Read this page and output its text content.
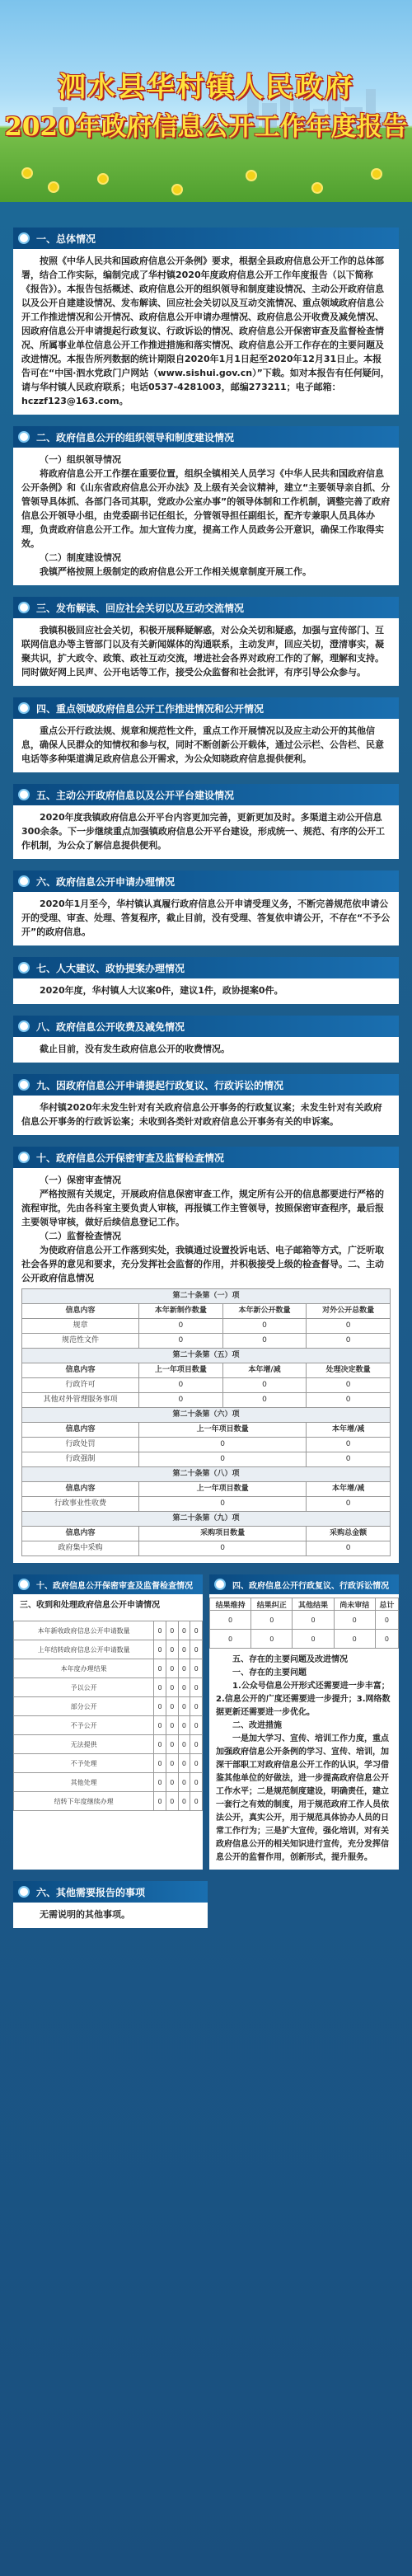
泗水县华村镇人民政府
2020年政府信息公开工作年度报告
一、总体情况

按照《中华人民共和国政府信息公开条例》要求，根据全县政府信息公开工作的总体部署，结合工作实际，编制完成了华村镇2020年度政府信息公开工作年度报告（以下简称《报告》）。本报告包括概述、政府信息公开的组织领导和制度建设情况、主动公开政府信息以及公开自建建设情况、发布解读、回应社会关切以及互动交流情况、重点领域政府信息公开工作推进情况和公开情况、政府信息公开申请办理情况、政府信息公开收费及减免情况、因政府信息公开申请提起行政复议、行政诉讼的情况、政府信息公开保密审查及监督检查情况、所属事业单位信息公开工作推进措施和落实情况、政府信息公开工作存在的主要问题及改进情况。本报告所列数据的统计期限自2020年1月1日起至2020年12月31日止。本报告可在“中国·泗水党政门户网站（www.sishui.gov.cn）”下载。如对本报告有任何疑问，请与华村镇人民政府联系；电话0537-4281003，邮编273211；电子邮箱：hczzf123@163.com。

二、政府信息公开的组织领导和制度建设情况

（一）组织领导情况

将政府信息公开工作摆在重要位置，组织全镇相关人员学习《中华人民共和国政府信息公开条例》和《山东省政府信息公开办法》及上级有关会议精神，建立“主要领导亲自抓、分管领导具体抓、各部门各司其职，党政办公室办事”的领导体制和工作机制，调整完善了政府信息公开领导小组，由党委副书记任组长，分管领导担任副组长，配齐专兼职人员具体办理，负责政府信息公开工作。加大宣传力度，提高工作人员政务公开意识，确保工作取得实效。

（二）制度建设情况

我镇严格按照上级制定的政府信息公开工作相关规章制度开展工作。

三、发布解读、回应社会关切以及互动交流情况

我镇积极回应社会关切，积极开展释疑解惑，对公众关切和疑惑，加强与宣传部门、互联网信息办等主管部门以及有关新闻媒体的沟通联系，主动发声，回应关切，澄清事实，凝聚共识，扩大政令、政策、政社互动交流，增进社会各界对政府工作的了解，理解和支持。同时做好网上民声、公开电话等工作，接受公众监督和社会批评，有序引导公众参与。

四、重点领域政府信息公开工作推进情况和公开情况

重点公开行政法规、规章和规范性文件，重点工作开展情况以及应主动公开的其他信息，确保人民群众的知情权和参与权，同时不断创新公开载体，通过公示栏、公告栏、民意电话等多种渠道满足政府信息公开需求，为公众知晓政府信息提供便利。

五、主动公开政府信息以及公开平台建设情况

2020年度我镇政府信息公开平台内容更加完善，更新更加及时。多渠道主动公开信息300余条。下一步继续重点加强镇政府信息公开平台建设，形成统一、规范、有序的公开工作机制，为公众了解信息提供便利。

六、政府信息公开申请办理情况

2020年1月至今，华村镇认真履行政府信息公开申请受理义务，不断完善规范依申请公开的受理、审查、处理、答复程序，截止目前，没有受理、答复依申请公开，不存在“不予公开”的政府信息。

七、人大建议、政协提案办理情况

2020年度，华村镇人大议案0件，建议1件，政协提案0件。

八、政府信息公开收费及减免情况

截止目前，没有发生政府信息公开的收费情况。

九、因政府信息公开申请提起行政复议、行政诉讼的情况

华村镇2020年未发生针对有关政府信息公开事务的行政复议案；未发生针对有关政府信息公开事务的行政诉讼案；未收到各类针对政府信息公开事务有关的申诉案。

十、政府信息公开保密审查及监督检查情况

（一）保密审查情况

严格按照有关规定，开展政府信息保密审查工作，规定所有公开的信息都要进行严格的流程审批，先由各科室主要负责人审核，再报镇工作主管领导，按照保密审查程序，最后报主要领导审核，做好后续信息登记工作。

（二）监督检查情况

为使政府信息公开工作落到实处，我镇通过设置投诉电话、电子邮箱等方式，广泛听取社会各界的意见和要求，充分发挥社会监督的作用，并积极接受上级的检查督导。二、主动公开政府信息情况

第二十条第（一）项			
信息内容	本年新制作数量	本年新公开数量	对外公开总数量
规章	0	0	0
规范性文件	0	0	0
第二十条第（五）项			
信息内容	上一年项目数量	本年增/减	处理决定数量
行政许可	0	0	0
其他对外管理服务事项	0	0	0
第二十条第（六）项			
信息内容	上一年项目数量		本年增/减
行政处罚	0		0
行政强制	0		0
第二十条第（八）项			
信息内容	上一年项目数量		本年增/减
行政事业性收费	0		0
第二十条第（九）项			
信息内容	采购项目数量		采购总金额
政府集中采购	0		0
十、政府信息公开保密审查及监督检查情况
三、收到和处理政府信息公开申请情况
本年新收政府信息公开申请数量	0	0	0	0
上年结转政府信息公开申请数量	0	0	0	0
本年度办理结果	0	0	0	0
予以公开	0	0	0	0
部分公开	0	0	0	0
不予公开	0	0	0	0
无法提供	0	0	0	0
不予处理	0	0	0	0
其他处理	0	0	0	0
结转下年度继续办理	0	0	0	0
四、政府信息公开行政复议、行政诉讼情况
结果维持	结果纠正	其他结果	尚未审结	总计
0	0	0	0	0
0	0	0	0	0

五、存在的主要问题及改进情况

一、存在的主要问题

1.公众号信息公开形式还需要进一步丰富；2.信息公开的广度还需要进一步提升；3.网络数据更新还需要进一步优化。

二、改进措施

一是加大学习、宣传、培训工作力度，重点加强政府信息公开条例的学习、宣传、培训，加深干部职工对政府信息公开工作的认识，学习借鉴其他单位的好做法，进一步提高政府信息公开工作水平；二是规范制度建设，明确责任，建立一套行之有效的制度，用于规范政府工作人员依法公开，真实公开，用于规范具体协办人员的日常工作行为；三是扩大宣传，强化培训，对有关政府信息公开的相关知识进行宣传，充分发挥信息公开的监督作用，创新形式，提升服务。

六、其他需要报告的事项

无需说明的其他事项。
